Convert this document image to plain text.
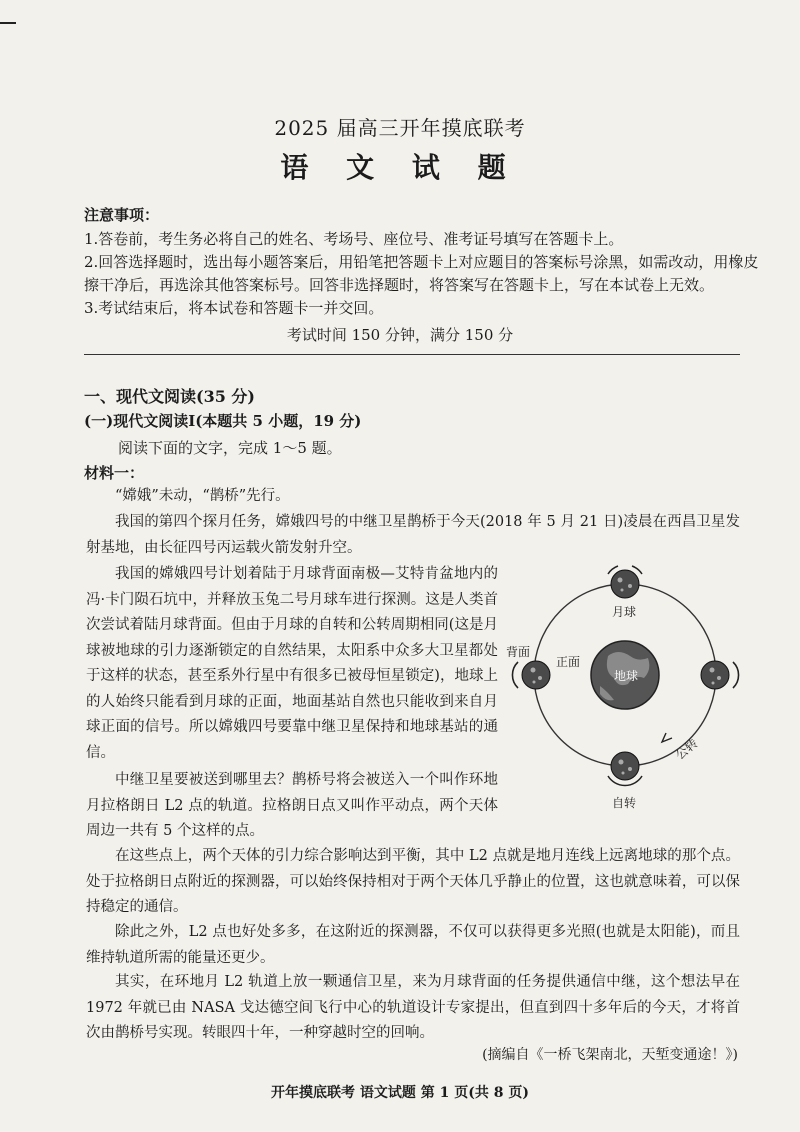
2025 届高三开年摸底联考
语 文 试 题
注意事项：
1.答卷前，考生务必将自己的姓名、考场号、座位号、准考证号填写在答题卡上。
2.回答选择题时，选出每小题答案后，用铅笔把答题卡上对应题目的答案标号涂黑，如需改动，用橡皮
擦干净后，再选涂其他答案标号。回答非选择题时，将答案写在答题卡上，写在本试卷上无效。
3.考试结束后，将本试卷和答题卡一并交回。
考试时间 150 分钟，满分 150 分
一、现代文阅读(35 分)
(一)现代文阅读Ⅰ(本题共 5 小题，19 分)
阅读下面的文字，完成 1～5 题。
材料一：

“嫦娥”未动，“鹊桥”先行。

我国的第四个探月任务，嫦娥四号的中继卫星鹊桥于今天(2018 年 5 月 21 日)凌晨在西昌卫星发射基地，由长征四号丙运载火箭发射升空。

我国的嫦娥四号计划着陆于月球背面南极—艾特肯盆地内的冯·卡门陨石坑中，并释放玉兔二号月球车进行探测。这是人类首次尝试着陆月球背面。但由于月球的自转和公转周期相同(这是月球被地球的引力逐渐锁定的自然结果，太阳系中众多大卫星都处于这样的状态，甚至系外行星中有很多已被母恒星锁定)，地球上的人始终只能看到月球的正面，地面基站自然也只能收到来自月球正面的信号。所以嫦娥四号要靠中继卫星保持和地球基站的通信。

中继卫星要被送到哪里去？鹊桥号将会被送入一个叫作环地月拉格朗日 L2 点的轨道。拉格朗日点又叫作平动点，两个天体周边一共有 5 个这样的点。

在这些点上，两个天体的引力综合影响达到平衡，其中 L2 点就是地月连线上远离地球的那个点。处于拉格朗日点附近的探测器，可以始终保持相对于两个天体几乎静止的位置，这也就意味着，可以保持稳定的通信。

除此之外，L2 点也好处多多，在这附近的探测器，不仅可以获得更多光照(也就是太阳能)，而且维持轨道所需的能量还更少。

其实，在环地月 L2 轨道上放一颗通信卫星，来为月球背面的任务提供通信中继，这个想法早在 1972 年就已由 NASA 戈达德空间飞行中心的轨道设计专家提出，但直到四十多年后的今天，才将首次由鹊桥号实现。转眼四十年，一种穿越时空的回响。

(摘编自《一桥飞架南北，天堑变通途！》)
地球
月球
背面
正面
自转
公转
开年摸底联考 语文试题 第 1 页(共 8 页)
